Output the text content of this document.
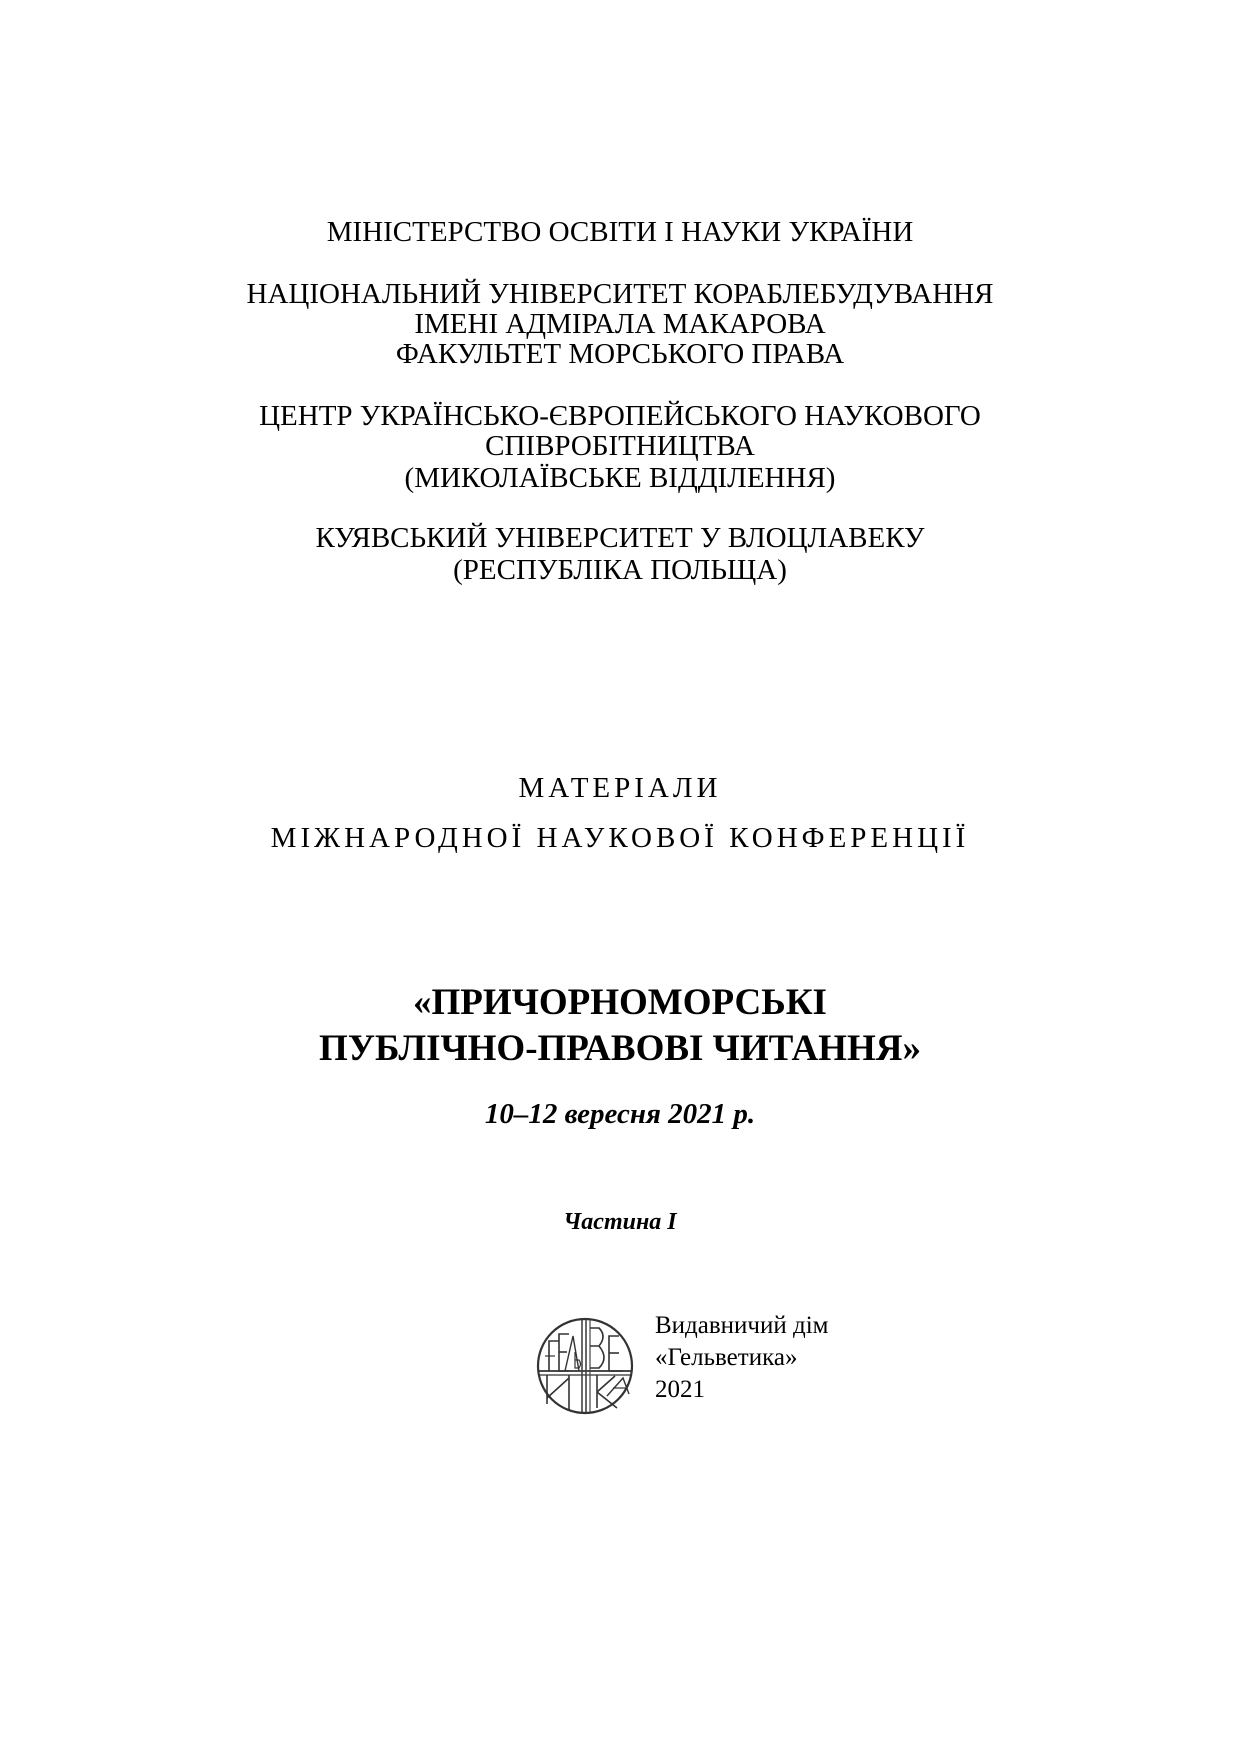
МІНІСТЕРСТВО ОСВІТИ І НАУКИ УКРАЇНИ
НАЦІОНАЛЬНИЙ УНІВЕРСИТЕТ КОРАБЛЕБУДУВАННЯ
ІМЕНІ АДМІРАЛА МАКАРОВА
ФАКУЛЬТЕТ МОРСЬКОГО ПРАВА
ЦЕНТР УКРАЇНСЬКО-ЄВРОПЕЙСЬКОГО НАУКОВОГО
СПІВРОБІТНИЦТВА
(МИКОЛАЇВСЬКЕ ВІДДІЛЕННЯ)
КУЯВСЬКИЙ УНІВЕРСИТЕТ У ВЛОЦЛАВЕКУ
(РЕСПУБЛІКА ПОЛЬЩА)
МАТЕРІАЛИ
МІЖНАРОДНОЇ НАУКОВОЇ КОНФЕРЕНЦІЇ
«ПРИЧОРНОМОРСЬКІ
ПУБЛІЧНО-ПРАВОВІ ЧИТАННЯ»
10–12 вересня 2021 р.
Частина I
Видавничий дім
«Гельветика»
2021
